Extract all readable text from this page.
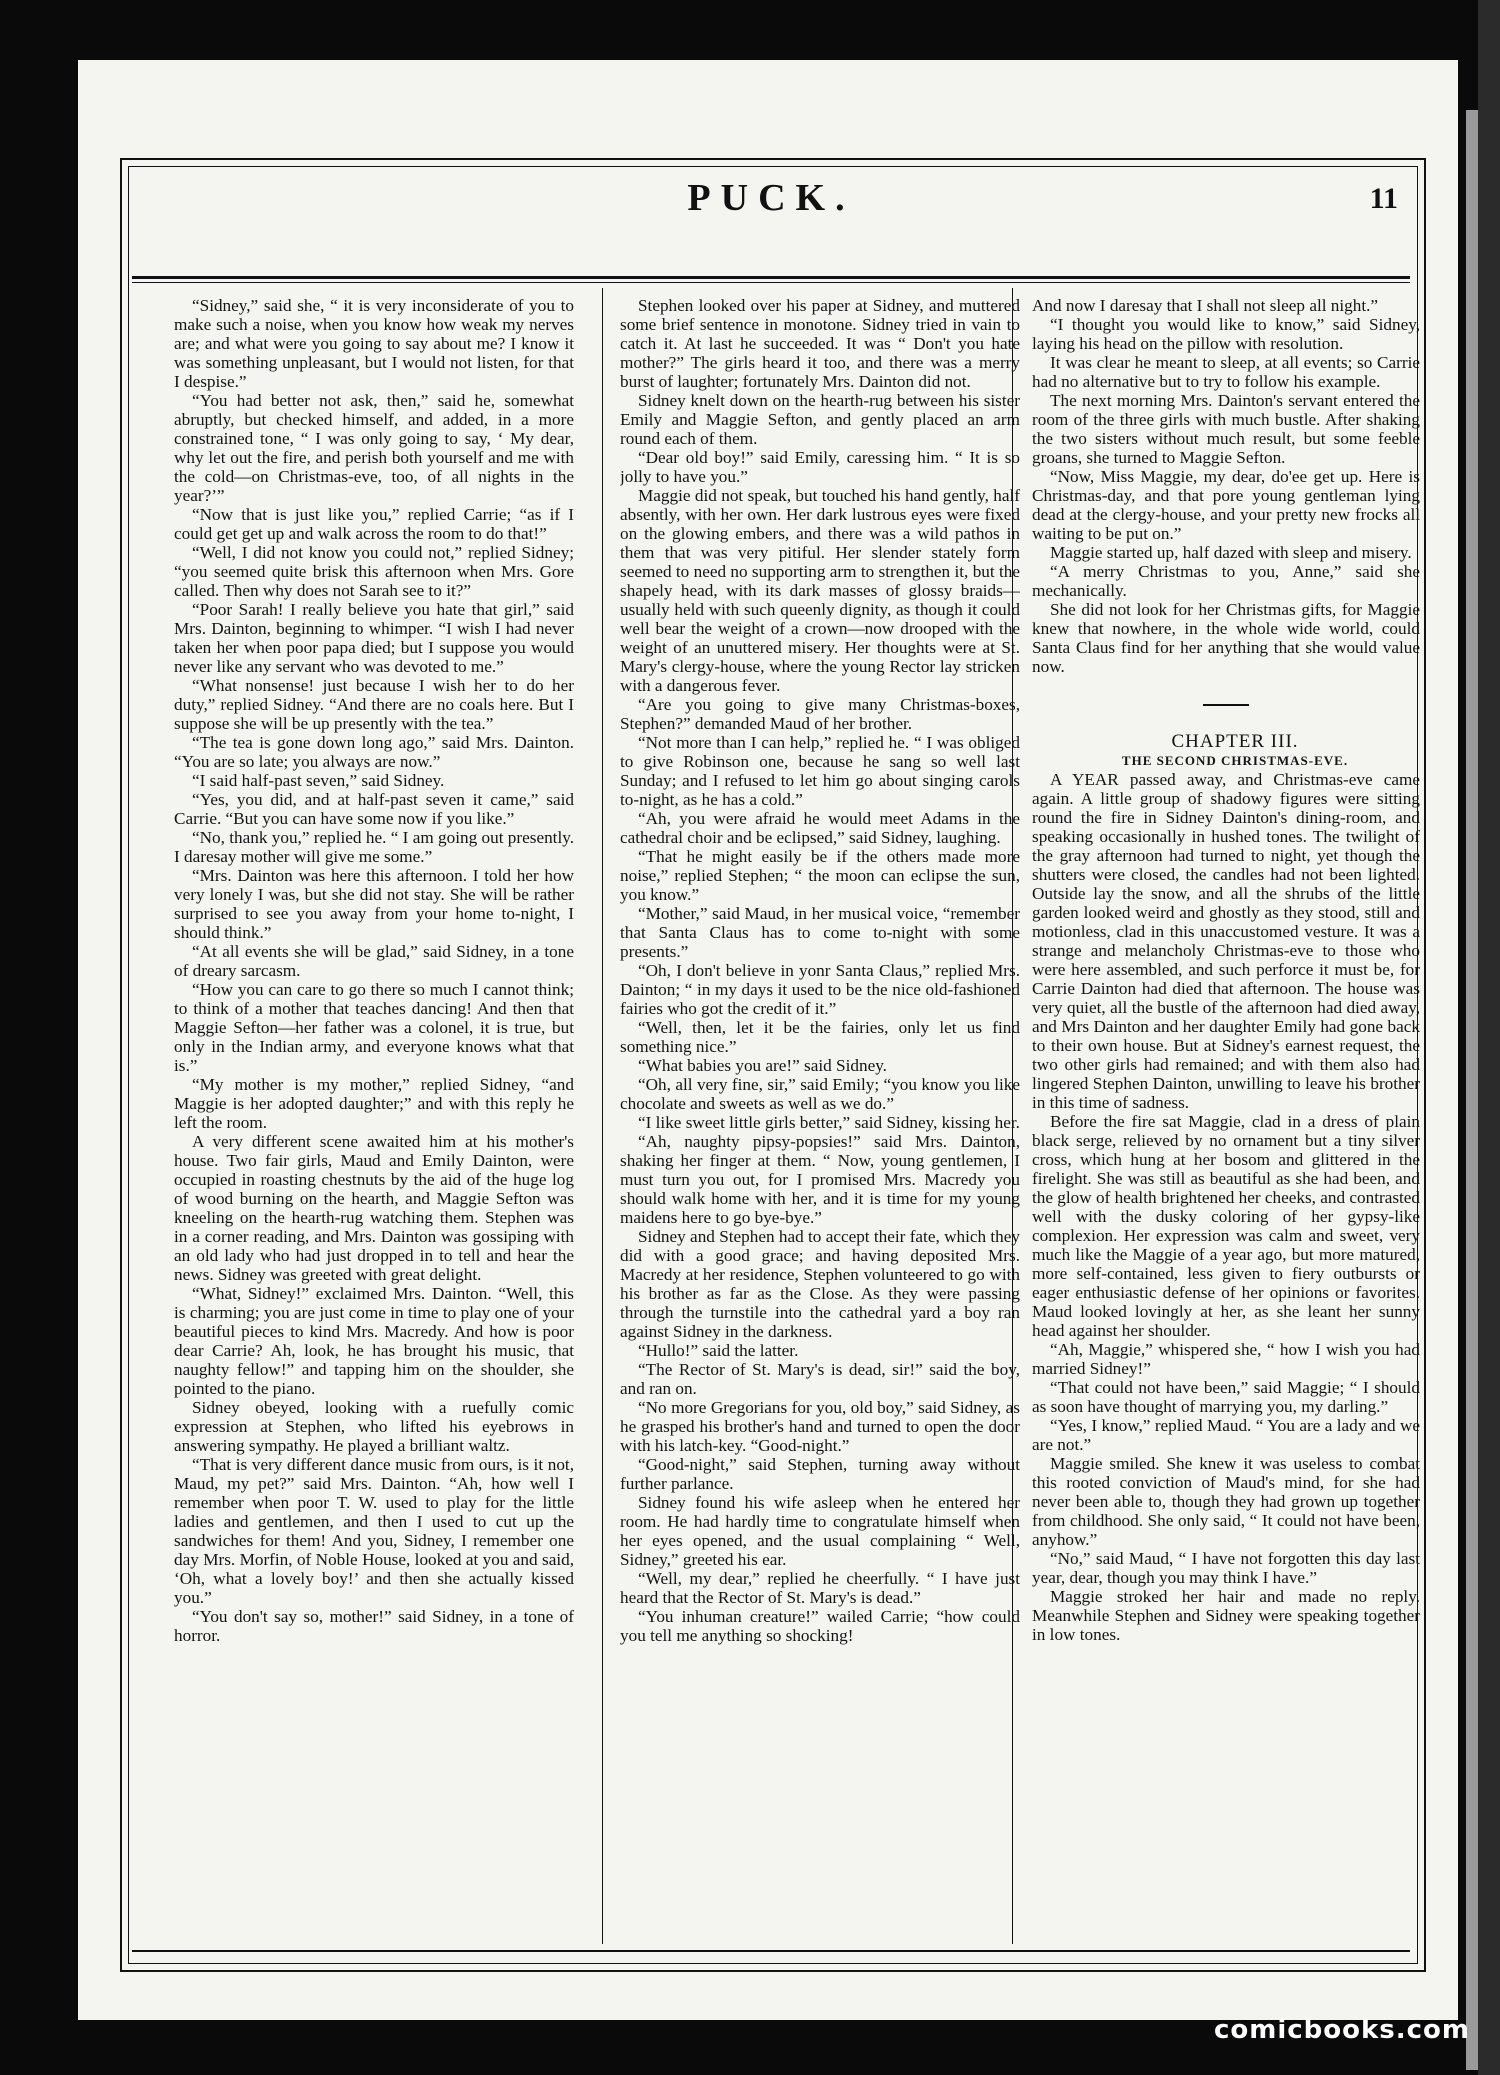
PUCK.	11

“Sidney,” said she, “ it is very inconsiderate of you to make such a noise, when you know how weak my nerves are; and what were you going to say about me? I know it was something unpleasant, but I would not listen, for that I despise.”

“You had better not ask, then,” said he, somewhat abruptly, but checked himself, and added, in a more constrained tone, “ I was only going to say, ‘ My dear, why let out the fire, and perish both yourself and me with the cold—on Christmas-eve, too, of all nights in the year?’”

“Now that is just like you,” replied Carrie; “as if I could get get up and walk across the room to do that!”

“Well, I did not know you could not,” replied Sidney; “you seemed quite brisk this afternoon when Mrs. Gore called. Then why does not Sarah see to it?”

“Poor Sarah! I really believe you hate that girl,” said Mrs. Dainton, beginning to whimper. “I wish I had never taken her when poor papa died; but I suppose you would never like any servant who was devoted to me.”

“What nonsense! just because I wish her to do her duty,” replied Sidney. “And there are no coals here. But I suppose she will be up presently with the tea.”

“The tea is gone down long ago,” said Mrs. Dainton. “You are so late; you always are now.”

“I said half-past seven,” said Sidney.

“Yes, you did, and at half-past seven it came,” said Carrie. “But you can have some now if you like.”

“No, thank you,” replied he. “ I am going out presently. I daresay mother will give me some.”

“Mrs. Dainton was here this afternoon. I told her how very lonely I was, but she did not stay. She will be rather surprised to see you away from your home to-night, I should think.”

“At all events she will be glad,” said Sidney, in a tone of dreary sarcasm.

“How you can care to go there so much I cannot think; to think of a mother that teaches dancing! And then that Maggie Sefton—her father was a colonel, it is true, but only in the Indian army, and everyone knows what that is.”

“My mother is my mother,” replied Sidney, “and Maggie is her adopted daughter;” and with this reply he left the room.

A very different scene awaited him at his mother's house. Two fair girls, Maud and Emily Dainton, were occupied in roasting chestnuts by the aid of the huge log of wood burning on the hearth, and Maggie Sefton was kneeling on the hearth-rug watching them. Stephen was in a corner reading, and Mrs. Dainton was gossiping with an old lady who had just dropped in to tell and hear the news. Sidney was greeted with great delight.

“What, Sidney!” exclaimed Mrs. Dainton. “Well, this is charming; you are just come in time to play one of your beautiful pieces to kind Mrs. Macredy. And how is poor dear Carrie? Ah, look, he has brought his music, that naughty fellow!” and tapping him on the shoulder, she pointed to the piano.

Sidney obeyed, looking with a ruefully comic expression at Stephen, who lifted his eyebrows in answering sympathy. He played a brilliant waltz.

“That is very different dance music from ours, is it not, Maud, my pet?” said Mrs. Dainton. “Ah, how well I remember when poor T. W. used to play for the little ladies and gentlemen, and then I used to cut up the sandwiches for them! And you, Sidney, I remember one day Mrs. Morfin, of Noble House, looked at you and said, ‘Oh, what a lovely boy!’ and then she actually kissed you.”

“You don't say so, mother!” said Sidney, in a tone of horror.

Stephen looked over his paper at Sidney, and muttered some brief sentence in monotone. Sidney tried in vain to catch it. At last he succeeded. It was “ Don't you hate mother?” The girls heard it too, and there was a merry burst of laughter; fortunately Mrs. Dainton did not.

Sidney knelt down on the hearth-rug between his sister Emily and Maggie Sefton, and gently placed an arm round each of them.

“Dear old boy!” said Emily, caressing him. “ It is so jolly to have you.”

Maggie did not speak, but touched his hand gently, half absently, with her own. Her dark lustrous eyes were fixed on the glowing embers, and there was a wild pathos in them that was very pitiful. Her slender stately form seemed to need no supporting arm to strengthen it, but the shapely head, with its dark masses of glossy braids—usually held with such queenly dignity, as though it could well bear the weight of a crown—now drooped with the weight of an unuttered misery. Her thoughts were at St. Mary's clergy-house, where the young Rector lay stricken with a dangerous fever.

“Are you going to give many Christmas-boxes, Stephen?” demanded Maud of her brother.

“Not more than I can help,” replied he. “ I was obliged to give Robinson one, because he sang so well last Sunday; and I refused to let him go about singing carols to-night, as he has a cold.”

“Ah, you were afraid he would meet Adams in the cathedral choir and be eclipsed,” said Sidney, laughing.

“That he might easily be if the others made more noise,” replied Stephen; “ the moon can eclipse the sun, you know.”

“Mother,” said Maud, in her musical voice, “remember that Santa Claus has to come to-night with some presents.”

“Oh, I don't believe in yonr Santa Claus,” replied Mrs. Dainton; “ in my days it used to be the nice old-fashioned fairies who got the credit of it.”

“Well, then, let it be the fairies, only let us find something nice.”

“What babies you are!” said Sidney.

“Oh, all very fine, sir,” said Emily; “you know you like chocolate and sweets as well as we do.”

“I like sweet little girls better,” said Sidney, kissing her.

“Ah, naughty pipsy-popsies!” said Mrs. Dainton, shaking her finger at them. “ Now, young gentlemen, I must turn you out, for I promised Mrs. Macredy you should walk home with her, and it is time for my young maidens here to go bye-bye.”

Sidney and Stephen had to accept their fate, which they did with a good grace; and having deposited Mrs. Macredy at her residence, Stephen volunteered to go with his brother as far as the Close. As they were passing through the turnstile into the cathedral yard a boy ran against Sidney in the darkness.

“Hullo!” said the latter.

“The Rector of St. Mary's is dead, sir!” said the boy, and ran on.

“No more Gregorians for you, old boy,” said Sidney, as he grasped his brother's hand and turned to open the door with his latch-key. “Good-night.”

“Good-night,” said Stephen, turning away without further parlance.

Sidney found his wife asleep when he entered her room. He had hardly time to congratulate himself when her eyes opened, and the usual complaining “ Well, Sidney,” greeted his ear.

“Well, my dear,” replied he cheerfully. “ I have just heard that the Rector of St. Mary's is dead.”

“You inhuman creature!” wailed Carrie; “how could you tell me anything so shocking!

And now I daresay that I shall not sleep all night.”

“I thought you would like to know,” said Sidney, laying his head on the pillow with resolution.

It was clear he meant to sleep, at all events; so Carrie had no alternative but to try to follow his example.

The next morning Mrs. Dainton's servant entered the room of the three girls with much bustle. After shaking the two sisters without much result, but some feeble groans, she turned to Maggie Sefton.

“Now, Miss Maggie, my dear, do'ee get up. Here is Christmas-day, and that pore young gentleman lying dead at the clergy-house, and your pretty new frocks all waiting to be put on.”

Maggie started up, half dazed with sleep and misery.

“A merry Christmas to you, Anne,” said she mechanically.

She did not look for her Christmas gifts, for Maggie knew that nowhere, in the whole wide world, could Santa Claus find for her anything that she would value now.

CHAPTER III.

THE SECOND CHRISTMAS-EVE.

A YEAR passed away, and Christmas-eve came again. A little group of shadowy figures were sitting round the fire in Sidney Dainton's dining-room, and speaking occasionally in hushed tones. The twilight of the gray afternoon had turned to night, yet though the shutters were closed, the candles had not been lighted. Outside lay the snow, and all the shrubs of the little garden looked weird and ghostly as they stood, still and motionless, clad in this unaccustomed vesture. It was a strange and melancholy Christmas-eve to those who were here assembled, and such perforce it must be, for Carrie Dainton had died that afternoon. The house was very quiet, all the bustle of the afternoon had died away, and Mrs Dainton and her daughter Emily had gone back to their own house. But at Sidney's earnest request, the two other girls had remained; and with them also had lingered Stephen Dainton, unwilling to leave his brother in this time of sadness.

Before the fire sat Maggie, clad in a dress of plain black serge, relieved by no ornament but a tiny silver cross, which hung at her bosom and glittered in the firelight. She was still as beautiful as she had been, and the glow of health brightened her cheeks, and contrasted well with the dusky coloring of her gypsy-like complexion. Her expression was calm and sweet, very much like the Maggie of a year ago, but more matured, more self-contained, less given to fiery outbursts or eager enthusiastic defense of her opinions or favorites. Maud looked lovingly at her, as she leant her sunny head against her shoulder.

“Ah, Maggie,” whispered she, “ how I wish you had married Sidney!”

“That could not have been,” said Maggie; “ I should as soon have thought of marrying you, my darling.”

“Yes, I know,” replied Maud. “ You are a lady and we are not.”

Maggie smiled. She knew it was useless to combat this rooted conviction of Maud's mind, for she had never been able to, though they had grown up together from childhood. She only said, “ It could not have been, anyhow.”

“No,” said Maud, “ I have not forgotten this day last year, dear, though you may think I have.”

Maggie stroked her hair and made no reply. Meanwhile Stephen and Sidney were speaking together in low tones.

comicbooks.com
